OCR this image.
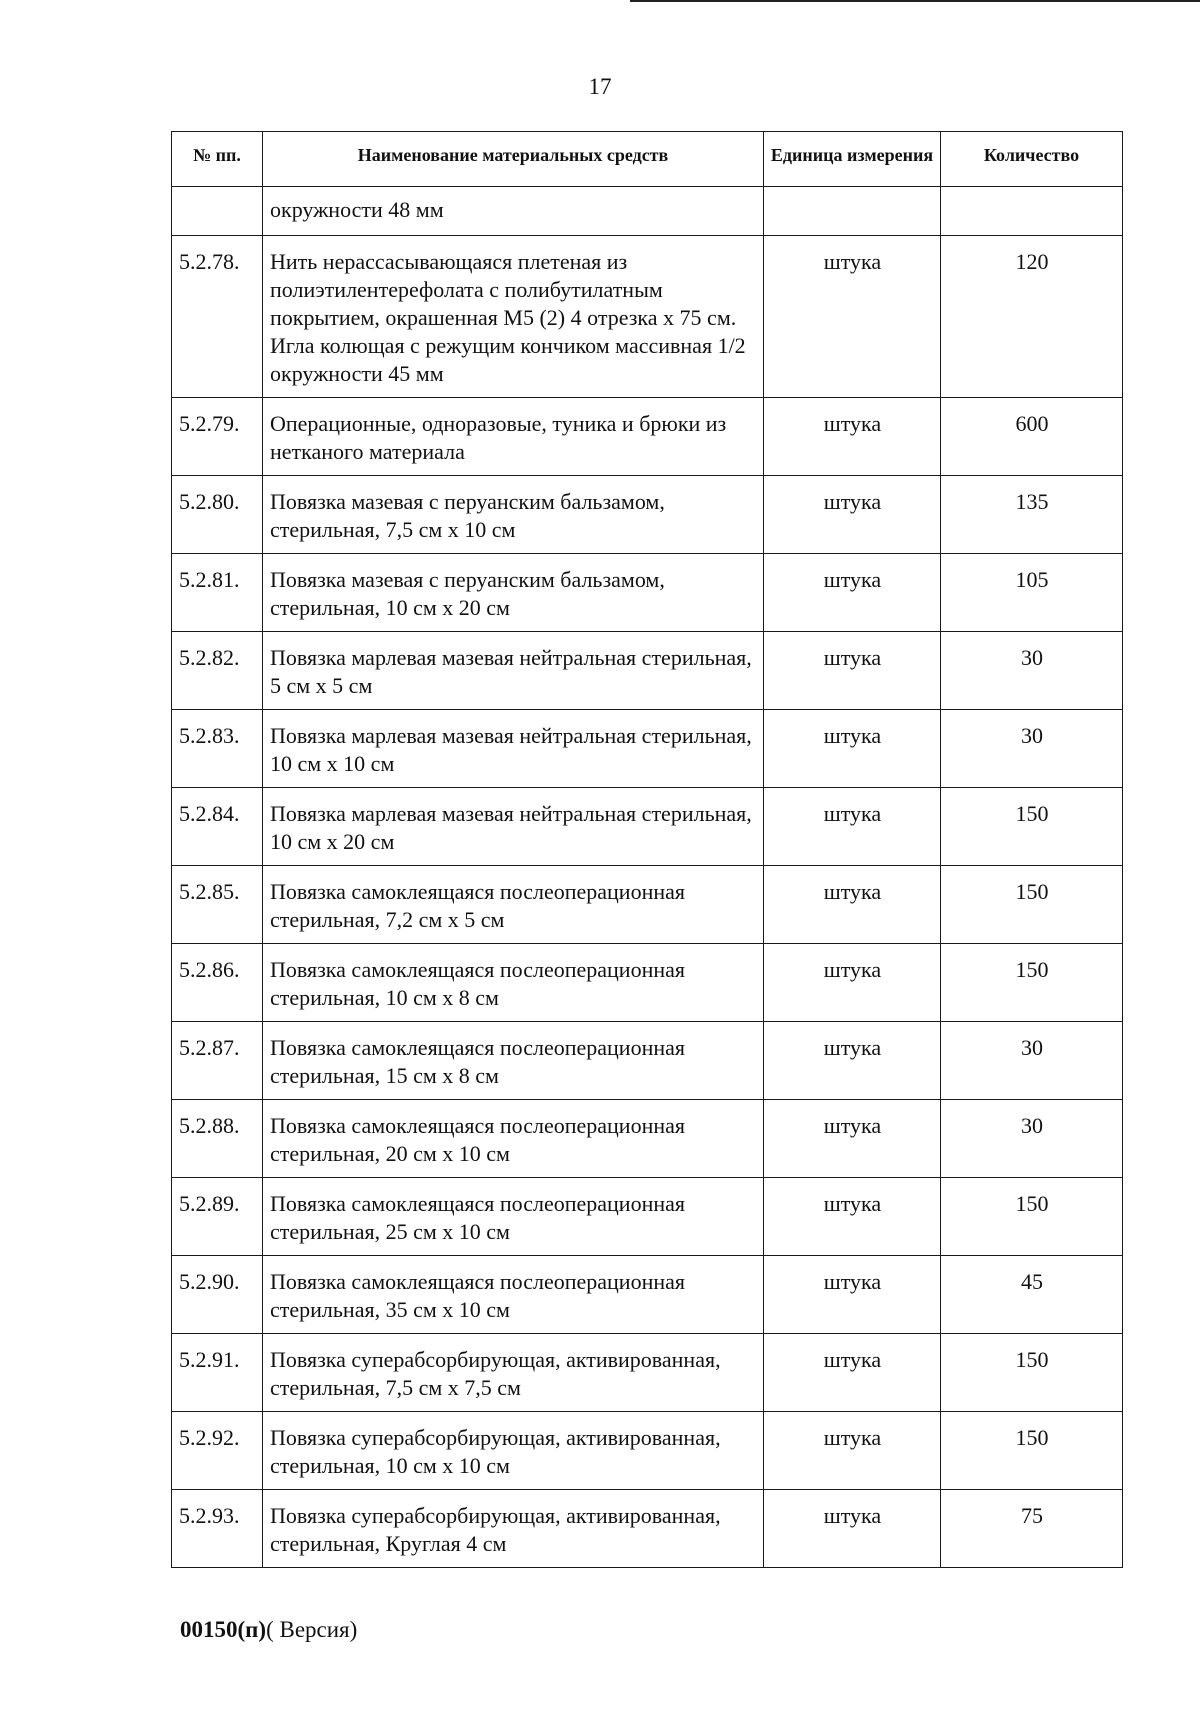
17
№ пп.	Наименование материальных средств	Единица измерения	Количество
	окружности 48 мм		
5.2.78.	Нить нерассасывающаяся плетеная из полиэтилентерефолата с полибутилатным покрытием, окрашенная М5 (2) 4 отрезка х 75 см. Игла колющая с режущим кончиком массивная 1/2 окружности 45 мм	штука	120
5.2.79.	Операционные, одноразовые, туника и брюки из нетканого материала	штука	600
5.2.80.	Повязка мазевая с перуанским бальзамом, стерильная, 7,5 см х 10 см	штука	135
5.2.81.	Повязка мазевая с перуанским бальзамом, стерильная, 10 см х 20 см	штука	105
5.2.82.	Повязка марлевая мазевая нейтральная стерильная, 5 см х 5 см	штука	30
5.2.83.	Повязка марлевая мазевая нейтральная стерильная, 10 см х 10 см	штука	30
5.2.84.	Повязка марлевая мазевая нейтральная стерильная, 10 см х 20 см	штука	150
5.2.85.	Повязка самоклеящаяся послеоперационная стерильная, 7,2 см х 5 см	штука	150
5.2.86.	Повязка самоклеящаяся послеоперационная стерильная, 10 см х 8 см	штука	150
5.2.87.	Повязка самоклеящаяся послеоперационная стерильная, 15 см х 8 см	штука	30
5.2.88.	Повязка самоклеящаяся послеоперационная стерильная, 20 см х 10 см	штука	30
5.2.89.	Повязка самоклеящаяся послеоперационная стерильная, 25 см х 10 см	штука	150
5.2.90.	Повязка самоклеящаяся послеоперационная стерильная, 35 см х 10 см	штука	45
5.2.91.	Повязка суперабсорбирующая, активированная, стерильная, 7,5 см х 7,5 см	штука	150
5.2.92.	Повязка суперабсорбирующая, активированная, стерильная, 10 см х 10 см	штука	150
5.2.93.	Повязка суперабсорбирующая, активированная, стерильная, Круглая 4 см	штука	75
00150(п)( Версия)
